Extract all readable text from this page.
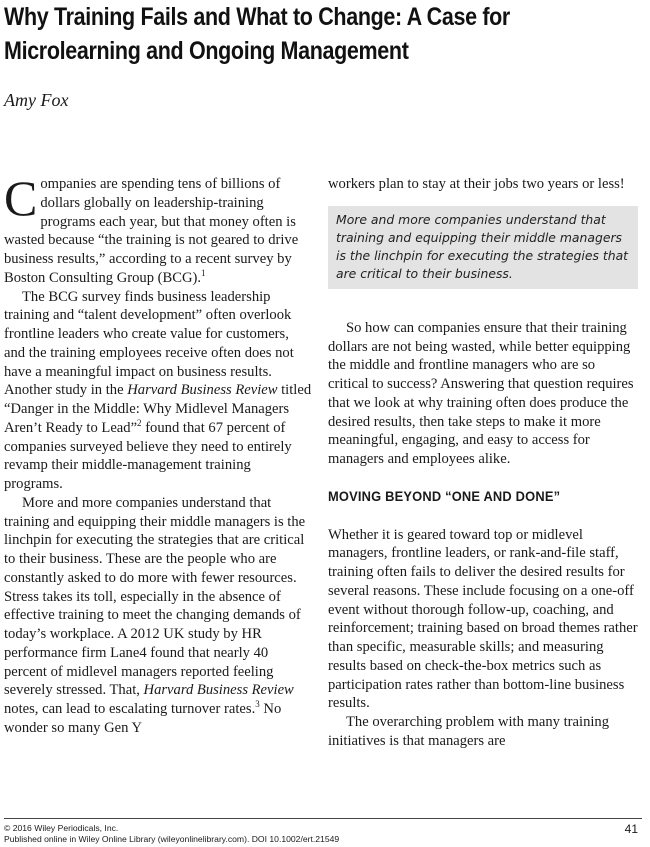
Why Training Fails and What to Change: A Case for
Microlearning and Ongoing Management
Amy Fox

Companies are spending tens of billions of dollars globally on leadership-training programs each year, but that money often is wasted because “the training is not geared to drive business results,” according to a recent survey by Boston Consulting Group (BCG).$^1$

The BCG survey finds business leadership training and “talent development” often overlook frontline leaders who create value for customers, and the training employees receive often does not have a meaningful impact on business results. Another study in the Harvard Business Review titled “Danger in the Middle: Why Midlevel Managers Aren’t Ready to Lead”$^2$ found that 67 percent of companies surveyed believe they need to entirely revamp their middle-management training programs.

More and more companies understand that training and equipping their middle managers is the linchpin for executing the strategies that are critical to their business. These are the people who are constantly asked to do more with fewer resources. Stress takes its toll, especially in the absence of effective training to meet the changing demands of today’s workplace. A 2012 UK study by HR performance firm Lane4 found that nearly 40 percent of midlevel managers reported feeling severely stressed. That, Harvard Business Review notes, can lead to escalating turnover rates.$^3$ No wonder so many Gen Y

workers plan to stay at their jobs two years or less!

More and more companies understand that training and equipping their middle managers is the linchpin for executing the strategies that are critical to their business.

So how can companies ensure that their training dollars are not being wasted, while better equipping the middle and frontline managers who are so critical to success? Answering that question requires that we look at why training often does produce the desired results, then take steps to make it more meaningful, engaging, and easy to access for managers and employees alike.

MOVING BEYOND “ONE AND DONE”

Whether it is geared toward top or midlevel managers, frontline leaders, or rank-and-file staff, training often fails to deliver the desired results for several reasons. These include focusing on a one-off event without thorough follow-up, coaching, and reinforcement; training based on broad themes rather than specific, measurable skills; and measuring results based on check-the-box metrics such as participation rates rather than bottom-line business results.

The overarching problem with many training initiatives is that managers are

© 2016 Wiley Periodicals, Inc.
Published online in Wiley Online Library (wileyonlinelibrary.com). DOI 10.1002/ert.21549
41
